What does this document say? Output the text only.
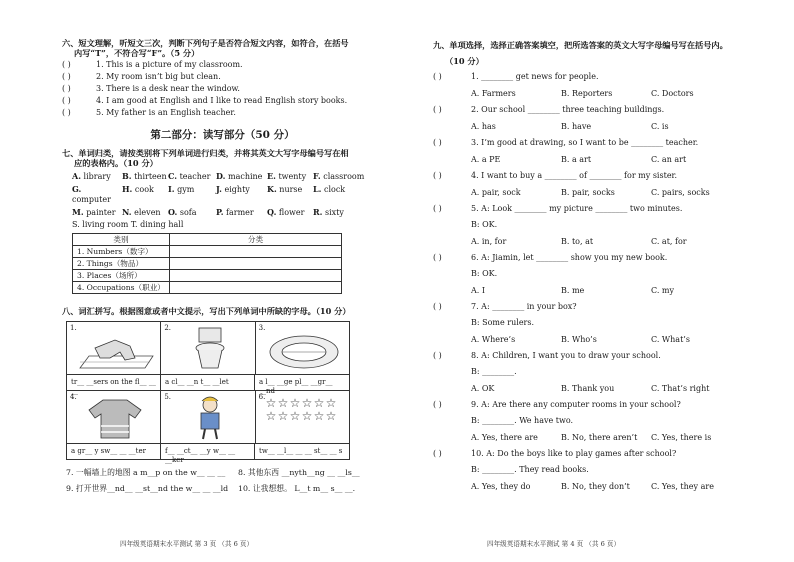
六、短文理解，听短文三次，判断下列句子是否符合短文内容，如符合，在括号
内写“T”，不符合写“F”。（5 分）
( )	1. This is a picture of my classroom.
( )	2. My room isn’t big but clean.
( )	3. There is a desk near the window.
( )	4. I am good at English and I like to read English story books.
( )	5. My father is an English teacher.
第二部分：读写部分（50 分）
七、单词归类，请按类别将下列单词进行归类，并将其英文大写字母编号写在相
应的表格内。（10 分）
A. library	B. thirteen C. teacher D. machine E. twenty F. classroom
G. computer
H. cook	I. gym	J. eighty	K. nurse	L. clock
M. painter N. eleven O. sofa	P. farmer	Q. flower	R. sixty
S. living room T. dining hall
类别	分类
1. Numbers（数字）	
2. Things（物品）	
3. Places（场所）	
4. Occupations（职业）	
八、词汇拼写。根据图意或者中文提示，写出下列单词中所缺的字母。（10 分）
1.	2.	3.
tr__ __sers on the fl__ __ __
a cl__ __n t__ __let	a l__ __ge pl__ __gr__ __nd
4.	5.	6. ☆☆☆☆☆☆☆☆☆☆☆☆
a gr__ y sw__ __ __ter	f__ __ct__ __y w__ __ __ker
tw__ __l__ __ __ st__ __ s
7. 一幅墙上的地图 a m__p on the w__ __ __	8. 其他东西 __nyth__ng __ __ls__
9. 打开世界__nd__ __st__nd the w__ __ __ld	10. 让我想想。 L__t m__ s__ __.
四年级英语期末水平测试 第 3 页 （共 6 页）
九、单项选择，选择正确答案填空，把所选答案的英文大写字母编号写在括号内。
（10 分）
( )	1. ________ get news for people.
A. Farmers	B. Reporters	C. Doctors
( )	2. Our school ________ three teaching buildings.
A. has	B. have	C. is
( )	3. I’m good at drawing, so I want to be ________ teacher.
A. a PE	B. a art	C. an art
( )	4. I want to buy a ________ of ________ for my sister.
A. pair, sock	B. pair, socks	C. pairs, socks
( )	5. A: Look ________ my picture ________ two minutes.
B: OK.
A. in, for	B. to, at	C. at, for
( )	6. A: Jiamin, let ________ show you my new book.
B: OK.
A. I	B. me	C. my
( )	7. A: ________ in your box?
B: Some rulers.
A. Where’s	B. Who’s	C. What’s
( )	8. A: Children, I want you to draw your school.
B: ________.
A. OK	B. Thank you	C. That’s right
( )	9. A: Are there any computer rooms in your school?
B: ________. We have two.
A. Yes, there are	B. No, there aren’t	C. Yes, there is
( )	10. A: Do the boys like to play games after school?
B: ________. They read books.
A. Yes, they do	B. No, they don’t	C. Yes, they are
四年级英语期末水平测试 第 4 页 （共 6 页）
